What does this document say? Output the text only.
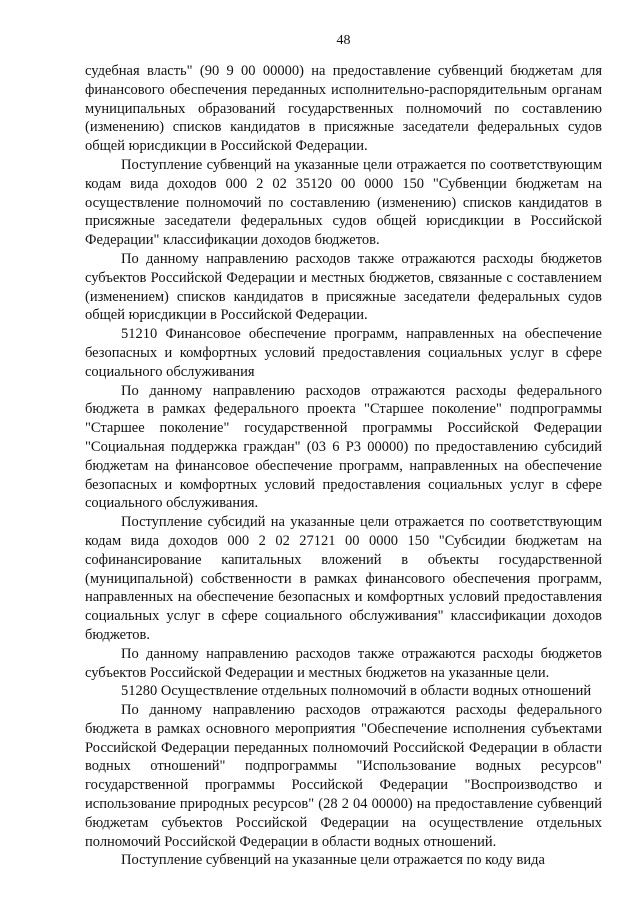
48

судебная власть" (90 9 00 00000) на предоставление субвенций бюджетам для финансового обеспечения переданных исполнительно-распорядительным органам муниципальных образований государственных полномочий по составлению (изменению) списков кандидатов в присяжные заседатели федеральных судов общей юрисдикции в Российской Федерации.

Поступление субвенций на указанные цели отражается по соответствующим кодам вида доходов 000 2 02 35120 00 0000 150 "Субвенции бюджетам на осуществление полномочий по составлению (изменению) списков кандидатов в присяжные заседатели федеральных судов общей юрисдикции в Российской Федерации" классификации доходов бюджетов.

По данному направлению расходов также отражаются расходы бюджетов субъектов Российской Федерации и местных бюджетов, связанные с составлением (изменением) списков кандидатов в присяжные заседатели федеральных судов общей юрисдикции в Российской Федерации.

51210 Финансовое обеспечение программ, направленных на обеспечение безопасных и комфортных условий предоставления социальных услуг в сфере социального обслуживания

По данному направлению расходов отражаются расходы федерального бюджета в рамках федерального проекта "Старшее поколение" подпрограммы "Старшее поколение" государственной программы Российской Федерации "Социальная поддержка граждан" (03 6 P3 00000) по предоставлению субсидий бюджетам на финансовое обеспечение программ, направленных на обеспечение безопасных и комфортных условий предоставления социальных услуг в сфере социального обслуживания.

Поступление субсидий на указанные цели отражается по соответствующим кодам вида доходов 000 2 02 27121 00 0000 150 "Субсидии бюджетам на софинансирование капитальных вложений в объекты государственной (муниципальной) собственности в рамках финансового обеспечения программ, направленных на обеспечение безопасных и комфортных условий предоставления социальных услуг в сфере социального обслуживания" классификации доходов бюджетов.

По данному направлению расходов также отражаются расходы бюджетов субъектов Российской Федерации и местных бюджетов на указанные цели.

51280 Осуществление отдельных полномочий в области водных отношений

По данному направлению расходов отражаются расходы федерального бюджета в рамках основного мероприятия "Обеспечение исполнения субъектами Российской Федерации переданных полномочий Российской Федерации в области водных отношений" подпрограммы "Использование водных ресурсов" государственной программы Российской Федерации "Воспроизводство и использование природных ресурсов" (28 2 04 00000) на предоставление субвенций бюджетам субъектов Российской Федерации на осуществление отдельных полномочий Российской Федерации в области водных отношений.

Поступление субвенций на указанные цели отражается по коду вида
